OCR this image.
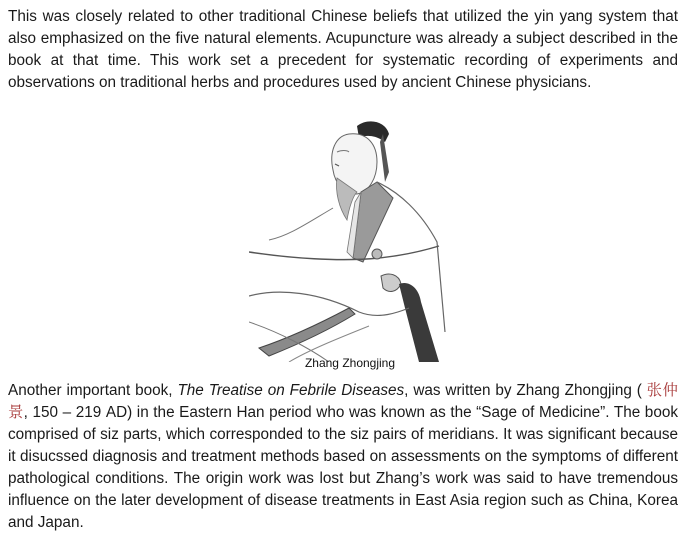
This was closely related to other traditional Chinese beliefs that utilized the yin yang system that also emphasized on the five natural elements. Acupuncture was already a subject described in the book at that time. This work set a precedent for systematic recording of experiments and observations on traditional herbs and procedures used by ancient Chinese physicians.

Zhang Zhongjing

Another important book, The Treatise on Febrile Diseases, was written by Zhang Zhongjing ( 张仲景, 150 – 219 AD) in the Eastern Han period who was known as the “Sage of Medicine”. The book comprised of siz parts, which corresponded to the siz pairs of meridians. It was significant because it disucssed diagnosis and treatment methods based on assessments on the symptoms of different pathological conditions. The origin work was lost but Zhang’s work was said to have tremendous influence on the later development of disease treatments in East Asia region such as China, Korea and Japan.
